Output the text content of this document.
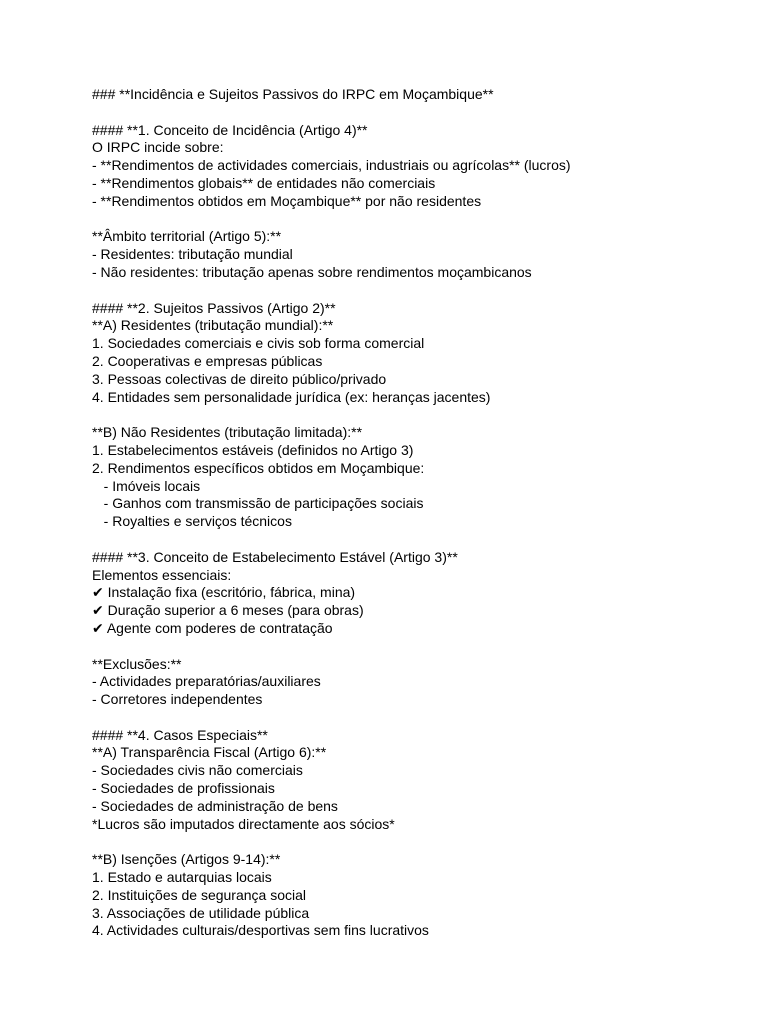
### **Incidência e Sujeitos Passivos do IRPC em Moçambique**
#### **1. Conceito de Incidência (Artigo 4)**
O IRPC incide sobre:
- **Rendimentos de actividades comerciais, industriais ou agrícolas** (lucros)
- **Rendimentos globais** de entidades não comerciais
- **Rendimentos obtidos em Moçambique** por não residentes
**Âmbito territorial (Artigo 5):**
- Residentes: tributação mundial
- Não residentes: tributação apenas sobre rendimentos moçambicanos
#### **2. Sujeitos Passivos (Artigo 2)**
**A) Residentes (tributação mundial):**
1. Sociedades comerciais e civis sob forma comercial
2. Cooperativas e empresas públicas
3. Pessoas colectivas de direito público/privado
4. Entidades sem personalidade jurídica (ex: heranças jacentes)
**B) Não Residentes (tributação limitada):**
1. Estabelecimentos estáveis (definidos no Artigo 3)
2. Rendimentos específicos obtidos em Moçambique:
- Imóveis locais
- Ganhos com transmissão de participações sociais
- Royalties e serviços técnicos
#### **3. Conceito de Estabelecimento Estável (Artigo 3)**
Elementos essenciais:
✔ Instalação fixa (escritório, fábrica, mina)
✔ Duração superior a 6 meses (para obras)
✔ Agente com poderes de contratação
**Exclusões:**
- Actividades preparatórias/auxiliares
- Corretores independentes
#### **4. Casos Especiais**
**A) Transparência Fiscal (Artigo 6):**
- Sociedades civis não comerciais
- Sociedades de profissionais
- Sociedades de administração de bens
*Lucros são imputados directamente aos sócios*
**B) Isenções (Artigos 9-14):**
1. Estado e autarquias locais
2. Instituições de segurança social
3. Associações de utilidade pública
4. Actividades culturais/desportivas sem fins lucrativos
